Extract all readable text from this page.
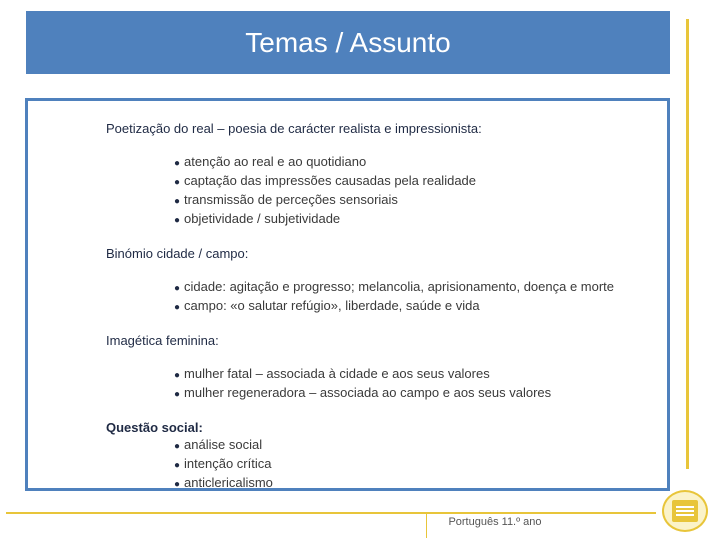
Temas / Assunto
Poetização do real – poesia de carácter realista e impressionista:
● atenção ao real e ao quotidiano
● captação das impressões causadas pela realidade
● transmissão de perceções sensoriais
● objetividade / subjetividade
Binómio cidade / campo:
● cidade: agitação e progresso; melancolia, aprisionamento, doença e morte
● campo: «o salutar refúgio», liberdade, saúde e vida
Imagética feminina:
● mulher fatal – associada à cidade e aos seus valores
● mulher regeneradora – associada ao campo e aos seus valores
Questão social:
● análise social
● intenção crítica
● anticlericalismo
Português 11.º ano
